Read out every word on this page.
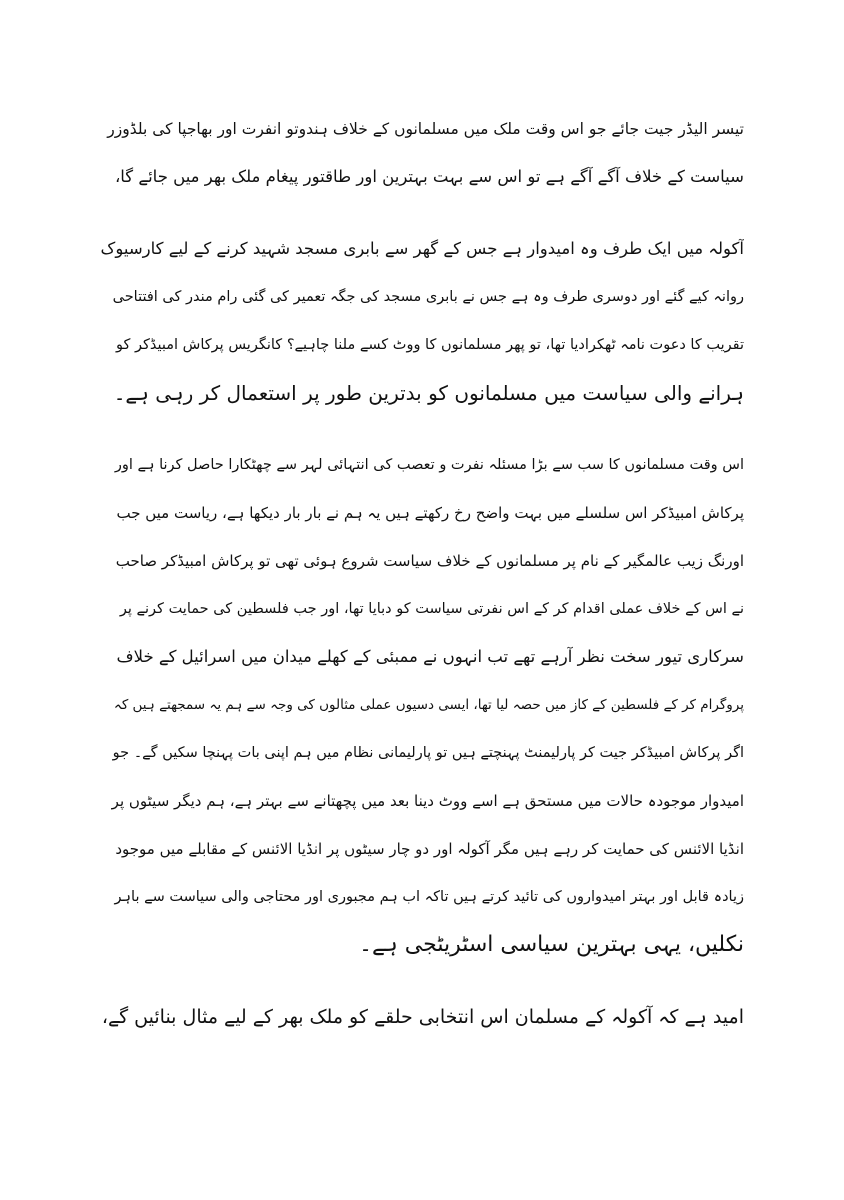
تیسر الیڈر جیت جائے جو اس وقت ملک میں مسلمانوں کے خلاف ہندوتو انفرت اور بھاجپا کی بلڈوزر
سیاست کے خلاف آگے آگے ہے تو اس سے بہت بہترین اور طاقتور پیغام ملک بھر میں جائے گا،
آکولہ میں ایک طرف وہ امیدوار ہے جس کے گھر سے بابری مسجد شہید کرنے کے لیے کارسیوک
روانہ کیے گئے اور دوسری طرف وہ ہے جس نے بابری مسجد کی جگہ تعمیر کی گئی رام مندر کی افتتاحی
تقریب کا دعوت نامہ ٹھکرادیا تھا، تو پھر مسلمانوں کا ووٹ کسے ملنا چاہیے؟ کانگریس پرکاش امبیڈکر کو
ہرانے والی سیاست میں مسلمانوں کو بدترین طور پر استعمال کر رہی ہے۔
اس وقت مسلمانوں کا سب سے بڑا مسئلہ نفرت و تعصب کی انتہائی لہر سے چھٹکارا حاصل کرنا ہے اور
پرکاش امبیڈکر اس سلسلے میں بہت واضح رخ رکھتے ہیں یہ ہم نے بار بار دیکھا ہے، ریاست میں جب
اورنگ زیب عالمگیر کے نام پر مسلمانوں کے خلاف سیاست شروع ہوئی تھی تو پرکاش امبیڈکر صاحب
نے اس کے خلاف عملی اقدام کر کے اس نفرتی سیاست کو دبایا تھا، اور جب فلسطین کی حمایت کرنے پر
سرکاری تیور سخت نظر آرہے تھے تب انہوں نے ممبئی کے کھلے میدان میں اسرائیل کے خلاف
پروگرام کر کے فلسطین کے کاز میں حصہ لیا تھا، ایسی دسیوں عملی مثالوں کی وجہ سے ہم یہ سمجھتے ہیں کہ
اگر پرکاش امبیڈکر جیت کر پارلیمنٹ پہنچتے ہیں تو پارلیمانی نظام میں ہم اپنی بات پہنچا سکیں گے۔ جو
امیدوار موجودہ حالات میں مستحق ہے اسے ووٹ دینا بعد میں پچھتانے سے بہتر ہے، ہم دیگر سیٹوں پر
انڈیا الائنس کی حمایت کر رہے ہیں مگر آکولہ اور دو چار سیٹوں پر انڈیا الائنس کے مقابلے میں موجود
زیادہ قابل اور بہتر امیدواروں کی تائید کرتے ہیں تاکہ اب ہم مجبوری اور محتاجی والی سیاست سے باہر
نکلیں، یہی بہترین سیاسی اسٹریٹجی ہے۔
امید ہے کہ آکولہ کے مسلمان اس انتخابی حلقے کو ملک بھر کے لیے مثال بنائیں گے،
